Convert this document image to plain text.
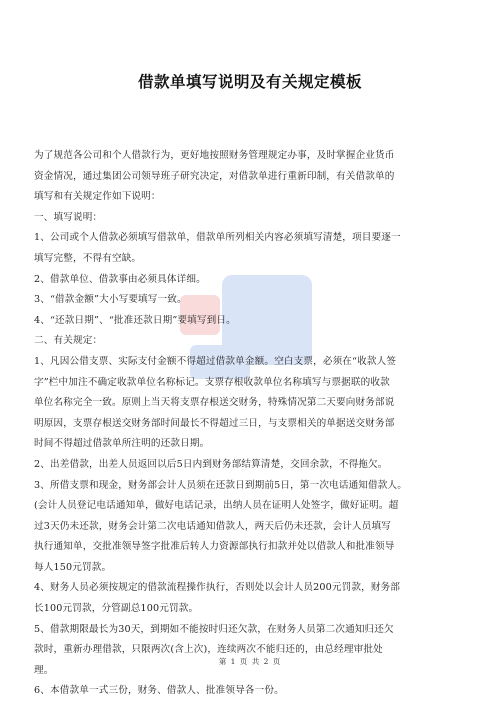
借款单填写说明及有关规定模板
为了规范各公司和个人借款行为，更好地按照财务管理规定办事，及时掌握企业货币
资金情况，通过集团公司领导班子研究决定，对借款单进行重新印制，有关借款单的
填写和有关规定作如下说明：
一、填写说明：
1、公司或个人借款必须填写借款单，借款单所列相关内容必须填写清楚，项目要逐一
填写完整，不得有空缺。
2、借款单位、借款事由必须具体详细。
3、“借款金额”大小写要填写一致。
4、“还款日期”、“批准还款日期”要填写到日。
二、有关规定：
1、凡因公借支票、实际支付金额不得超过借款单金额。空白支票，必须在“收款人签
字”栏中加注不确定收款单位名称标记。支票存根收款单位名称填写与票据联的收款
单位名称完全一致。原则上当天将支票存根送交财务，特殊情况第二天要向财务部说
明原因，支票存根送交财务部时间最长不得超过三日，与支票相关的单据送交财务部
时间不得超过借款单所注明的还款日期。
2、出差借款，出差人员返回以后5日内到财务部结算清楚，交回余款，不得拖欠。
3、所借支票和现金，财务部会计人员须在还款日到期前5日，第一次电话通知借款人。
(会计人员登记电话通知单，做好电话记录，出纳人员在证明人处签字，做好证明。超
过3天仍未还款，财务会计第二次电话通知借款人，两天后仍未还款，会计人员填写
执行通知单，交批准领导签字批准后转人力资源部执行扣款并处以借款人和批准领导
每人150元罚款。
4、财务人员必须按规定的借款流程操作执行，否则处以会计人员200元罚款，财务部
长100元罚款，分管副总100元罚款。
5、借款期限最长为30天，到期如不能按时归还欠款，在财务人员第二次通知归还欠
款时，重新办理借款，只限两次(含上次)，连续两次不能归还的，由总经理审批处
理。
6、本借款单一式三份，财务、借款人、批准领导各一份。
第 1 页 共 2 页
